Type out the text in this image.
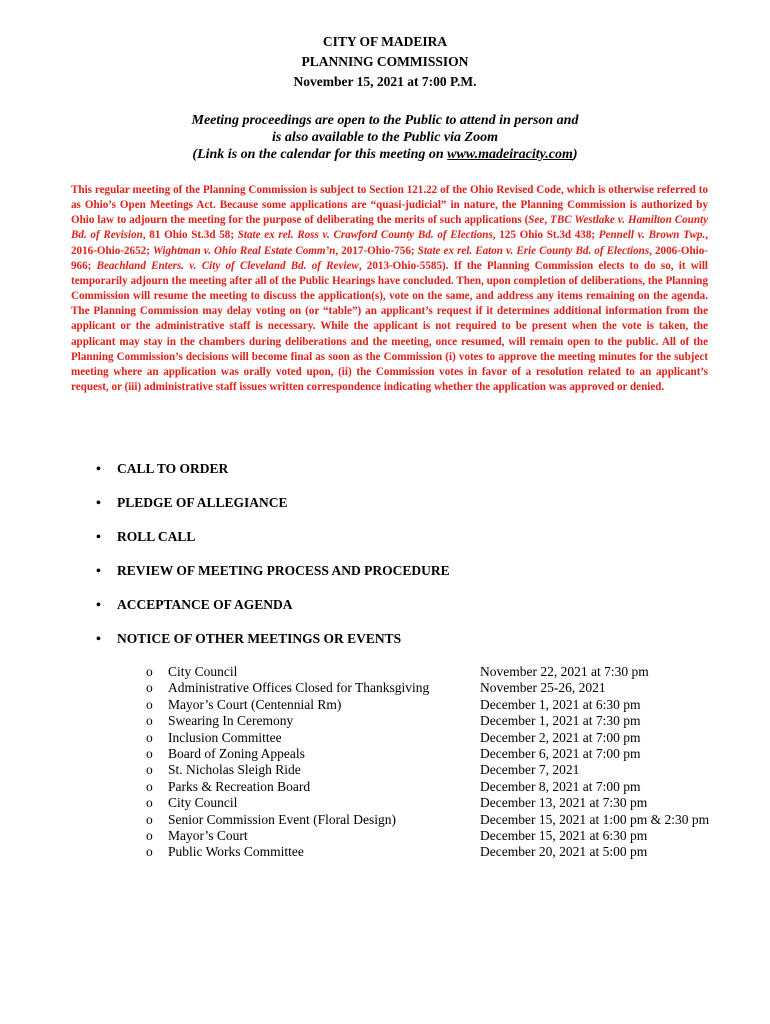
CITY OF MADEIRA
PLANNING COMMISSION
November 15, 2021 at 7:00 P.M.
Meeting proceedings are open to the Public to attend in person and
is also available to the Public via Zoom
(Link is on the calendar for this meeting on www.madeiracity.com)
This regular meeting of the Planning Commission is subject to Section 121.22 of the Ohio Revised Code, which is otherwise referred to as Ohio’s Open Meetings Act. Because some applications are “quasi-judicial” in nature, the Planning Commission is authorized by Ohio law to adjourn the meeting for the purpose of deliberating the merits of such applications (See, TBC Westlake v. Hamilton County Bd. of Revision, 81 Ohio St.3d 58; State ex rel. Ross v. Crawford County Bd. of Elections, 125 Ohio St.3d 438; Pennell v. Brown Twp., 2016-Ohio-2652; Wightman v. Ohio Real Estate Comm’n, 2017-Ohio-756; State ex rel. Eaton v. Erie County Bd. of Elections, 2006-Ohio-966; Beachland Enters. v. City of Cleveland Bd. of Review, 2013-Ohio-5585). If the Planning Commission elects to do so, it will temporarily adjourn the meeting after all of the Public Hearings have concluded. Then, upon completion of deliberations, the Planning Commission will resume the meeting to discuss the application(s), vote on the same, and address any items remaining on the agenda. The Planning Commission may delay voting on (or “table”) an applicant’s request if it determines additional information from the applicant or the administrative staff is necessary. While the applicant is not required to be present when the vote is taken, the applicant may stay in the chambers during deliberations and the meeting, once resumed, will remain open to the public. All of the Planning Commission’s decisions will become final as soon as the Commission (i) votes to approve the meeting minutes for the subject meeting where an application was orally voted upon, (ii) the Commission votes in favor of a resolution related to an applicant’s request, or (iii) administrative staff issues written correspondence indicating whether the application was approved or denied.
• CALL TO ORDER
• PLEDGE OF ALLEGIANCE
• ROLL CALL
• REVIEW OF MEETING PROCESS AND PROCEDURE
• ACCEPTANCE OF AGENDA
• NOTICE OF OTHER MEETINGS OR EVENTS
o City Council	November 22, 2021 at 7:30 pm
o Administrative Offices Closed for Thanksgiving	November 25-26, 2021
o Mayor’s Court (Centennial Rm)	December 1, 2021 at 6:30 pm
o Swearing In Ceremony	December 1, 2021 at 7:30 pm
o Inclusion Committee	December 2, 2021 at 7:00 pm
o Board of Zoning Appeals	December 6, 2021 at 7:00 pm
o St. Nicholas Sleigh Ride	December 7, 2021
o Parks & Recreation Board	December 8, 2021 at 7:00 pm
o City Council	December 13, 2021 at 7:30 pm
o Senior Commission Event (Floral Design)	December 15, 2021 at 1:00 pm & 2:30 pm
o Mayor’s Court	December 15, 2021 at 6:30 pm
o Public Works Committee	December 20, 2021 at 5:00 pm
